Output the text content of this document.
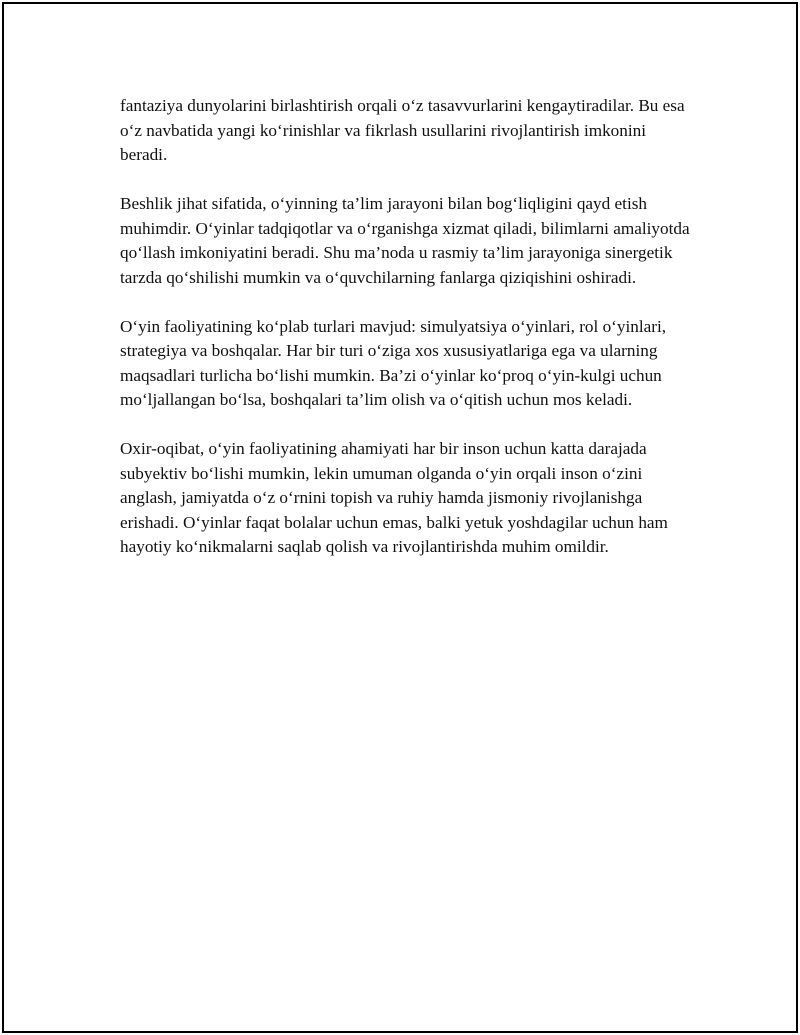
fantaziya dunyolarini birlashtirish orqali o‘z tasavvurlarini kengaytiradilar. Bu esa o‘z navbatida yangi ko‘rinishlar va fikrlash usullarini rivojlantirish imkonini beradi.

Beshlik jihat sifatida, o‘yinning ta’lim jarayoni bilan bog‘liqligini qayd etish muhimdir. O‘yinlar tadqiqotlar va o‘rganishga xizmat qiladi, bilimlarni amaliyotda qo‘llash imkoniyatini beradi. Shu ma’noda u rasmiy ta’lim jarayoniga sinergetik tarzda qo‘shilishi mumkin va o‘quvchilarning fanlarga qiziqishini oshiradi.

O‘yin faoliyatining ko‘plab turlari mavjud: simulyatsiya o‘yinlari, rol o‘yinlari, strategiya va boshqalar. Har bir turi o‘ziga xos xususiyatlariga ega va ularning maqsadlari turlicha bo‘lishi mumkin. Ba’zi o‘yinlar ko‘proq o‘yin-kulgi uchun mo‘ljallangan bo‘lsa, boshqalari ta’lim olish va o‘qitish uchun mos keladi.

Oxir-oqibat, o‘yin faoliyatining ahamiyati har bir inson uchun katta darajada subyektiv bo‘lishi mumkin, lekin umuman olganda o‘yin orqali inson o‘zini anglash, jamiyatda o‘z o‘rnini topish va ruhiy hamda jismoniy rivojlanishga erishadi. O‘yinlar faqat bolalar uchun emas, balki yetuk yoshdagilar uchun ham hayotiy ko‘nikmalarni saqlab qolish va rivojlantirishda muhim omildir.
